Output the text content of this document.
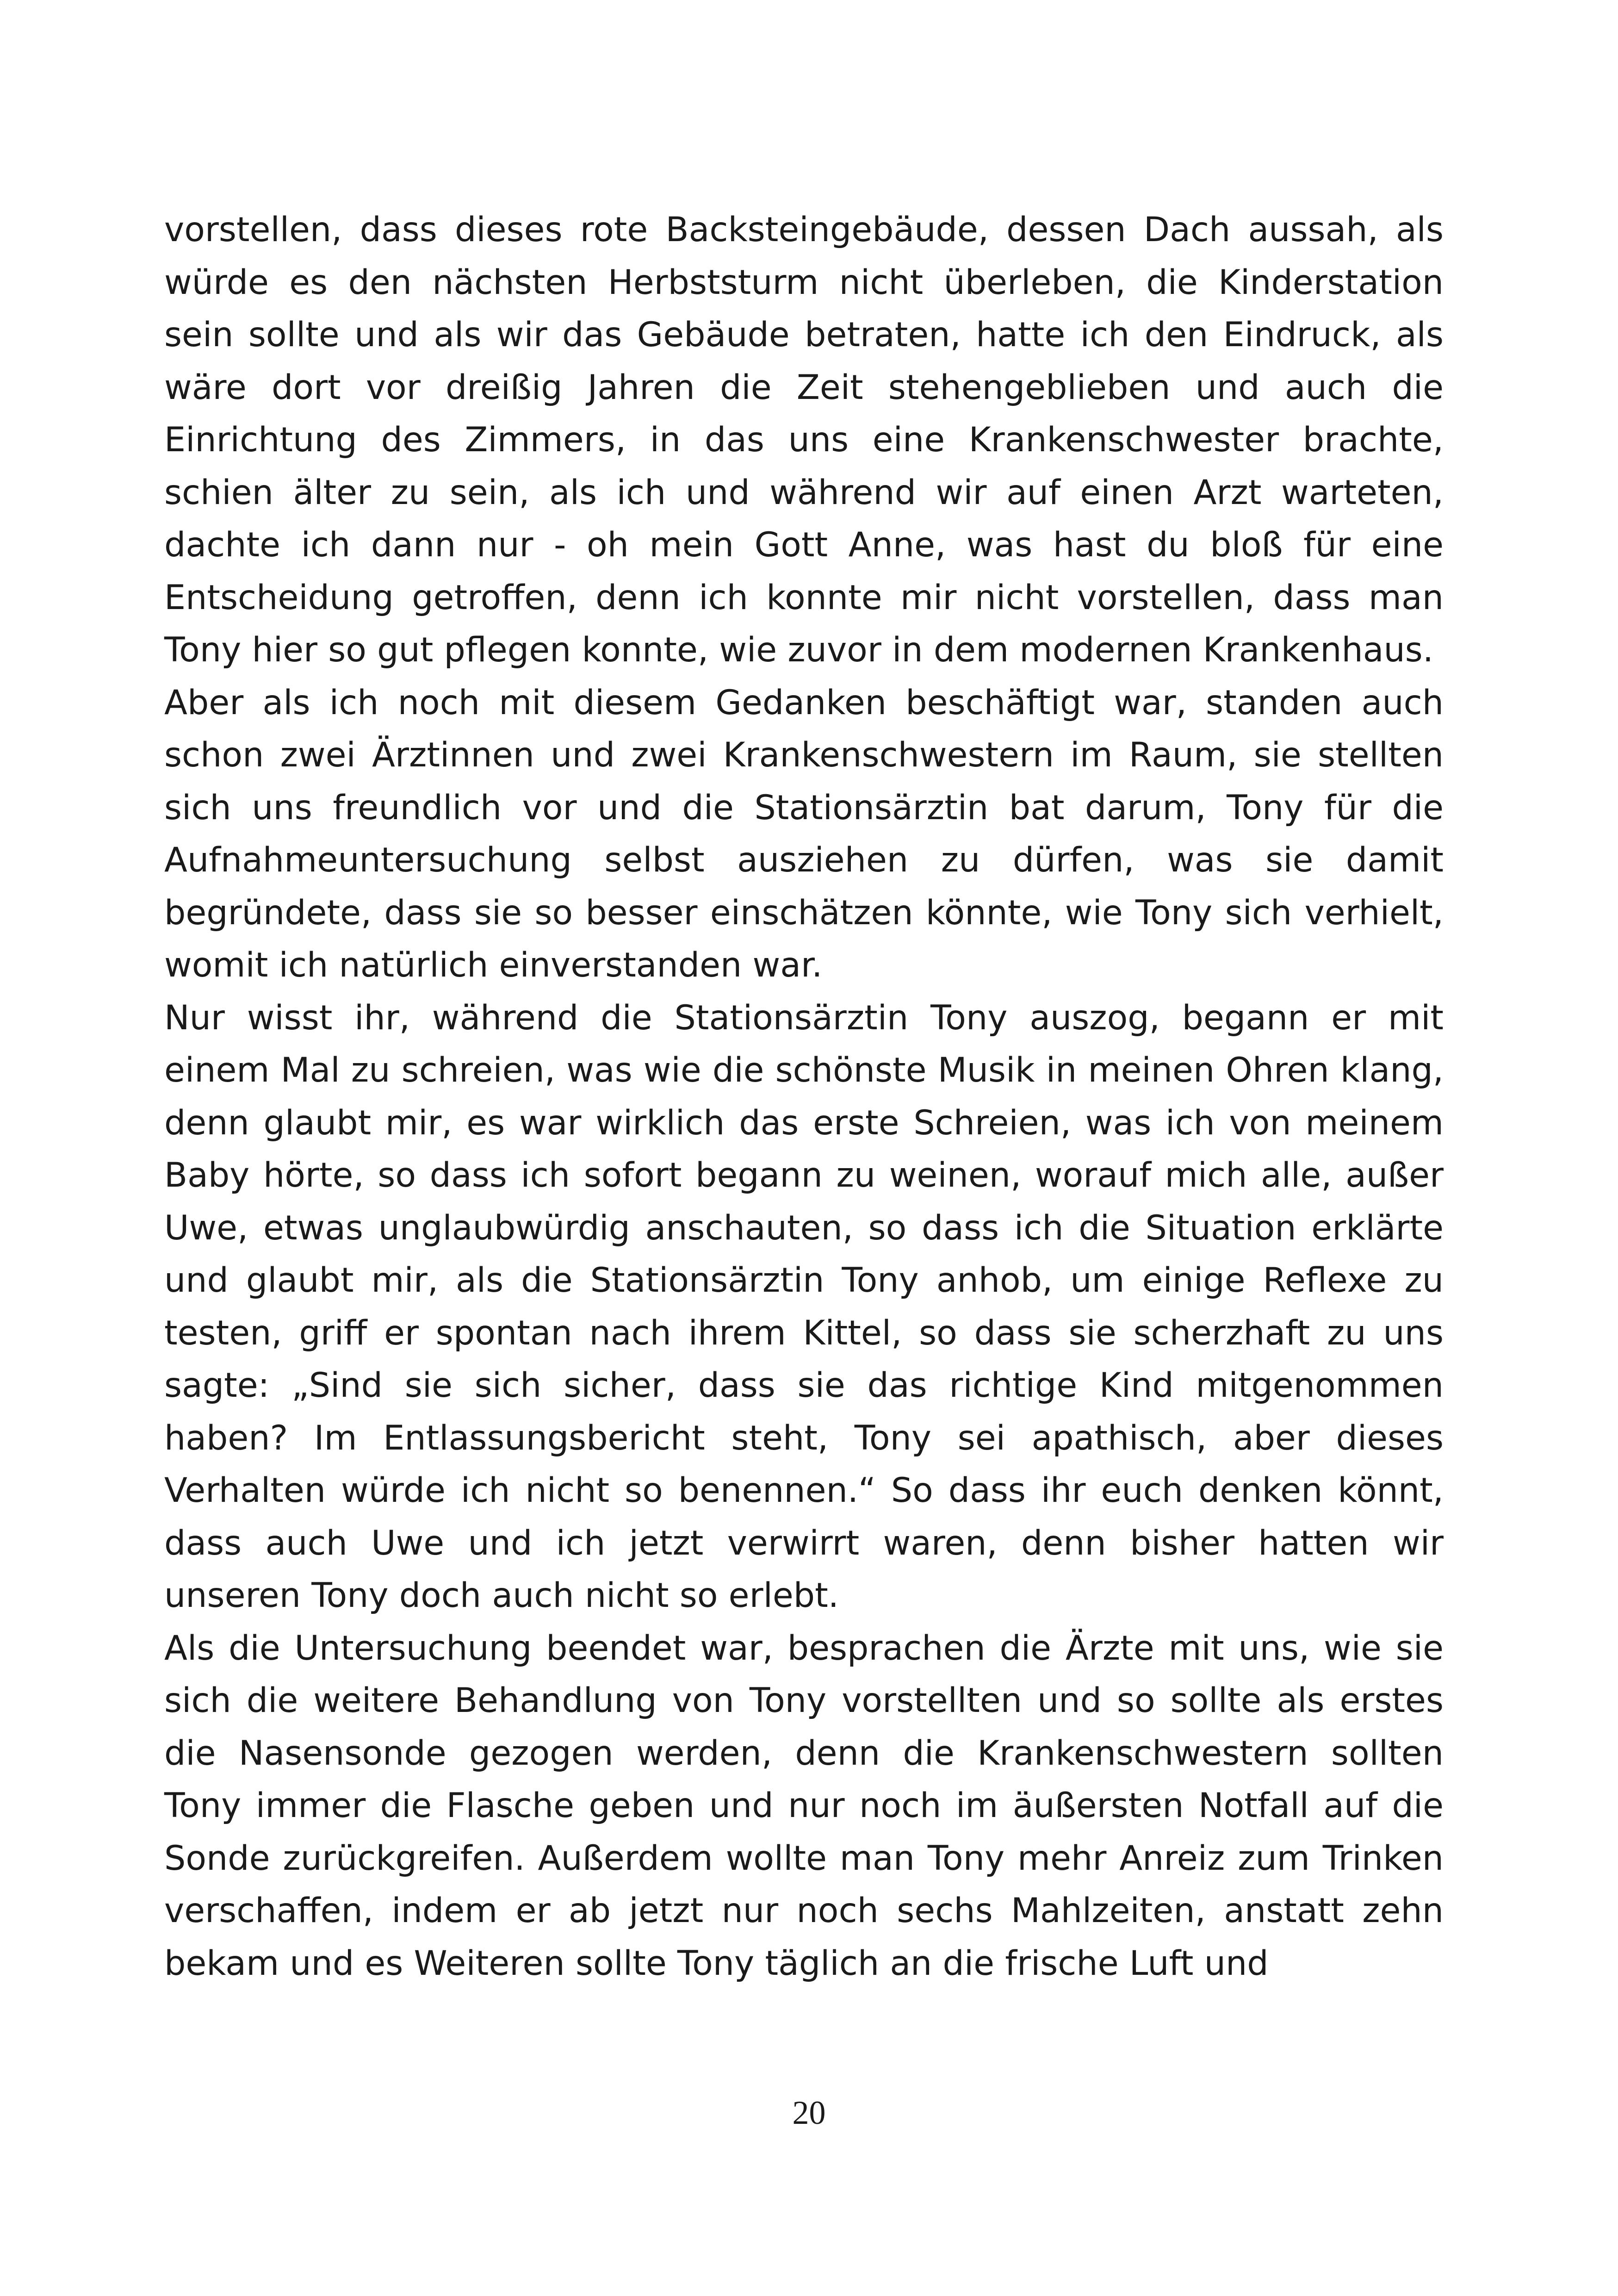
vorstellen, dass dieses rote Backsteingebäude, dessen Dach aussah, als würde es den nächsten Herbststurm nicht überleben, die Kinderstation sein sollte und als wir das Gebäude betraten, hatte ich den Eindruck, als wäre dort vor dreißig Jahren die Zeit stehengeblieben und auch die Einrichtung des Zimmers, in das uns eine Krankenschwester brachte, schien älter zu sein, als ich und während wir auf einen Arzt warteten, dachte ich dann nur - oh mein Gott Anne, was hast du bloß für eine Entscheidung getroffen, denn ich konnte mir nicht vorstellen, dass man Tony hier so gut pflegen konnte, wie zuvor in dem modernen Krankenhaus.

Aber als ich noch mit diesem Gedanken beschäftigt war, standen auch schon zwei Ärztinnen und zwei Krankenschwestern im Raum, sie stellten sich uns freundlich vor und die Stationsärztin bat darum, Tony für die Aufnahmeuntersuchung selbst ausziehen zu dürfen, was sie damit begründete, dass sie so besser einschätzen könnte, wie Tony sich verhielt, womit ich natürlich einverstanden war.

Nur wisst ihr, während die Stationsärztin Tony auszog, begann er mit einem Mal zu schreien, was wie die schönste Musik in meinen Ohren klang, denn glaubt mir, es war wirklich das erste Schreien, was ich von meinem Baby hörte, so dass ich sofort begann zu weinen, worauf mich alle, außer Uwe, etwas unglaubwürdig anschauten, so dass ich die Situation erklärte und glaubt mir, als die Stationsärztin Tony anhob, um einige Reflexe zu testen, griff er spontan nach ihrem Kittel, so dass sie scherzhaft zu uns sagte: „Sind sie sich sicher, dass sie das richtige Kind mitgenommen haben? Im Entlassungsbericht steht, Tony sei apathisch, aber dieses Verhalten würde ich nicht so benennen.“ So dass ihr euch denken könnt, dass auch Uwe und ich jetzt verwirrt waren, denn bisher hatten wir unseren Tony doch auch nicht so erlebt.

Als die Untersuchung beendet war, besprachen die Ärzte mit uns, wie sie sich die weitere Behandlung von Tony vorstellten und so sollte als erstes die Nasensonde gezogen werden, denn die Krankenschwestern sollten Tony immer die Flasche geben und nur noch im äußersten Notfall auf die Sonde zurückgreifen. Außerdem wollte man Tony mehr Anreiz zum Trinken verschaffen, indem er ab jetzt nur noch sechs Mahlzeiten, anstatt zehn bekam und es Weiteren sollte Tony täglich an die frische Luft und

20
